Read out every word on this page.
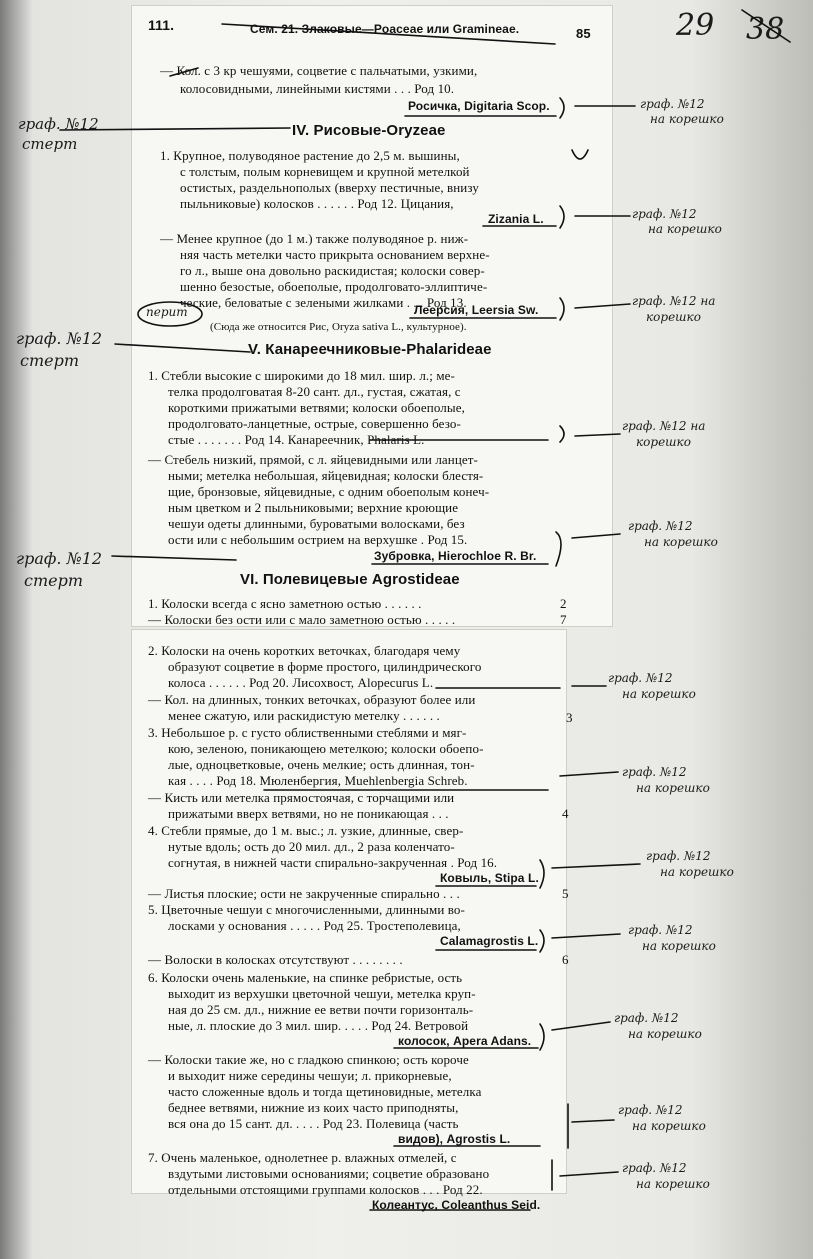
111.	Сем. 21. Злаковые—Poaceae или Gramineae.	85	29 38
— Кол. с 3 кр чешуями, соцветие с пальчатыми, узкими,
колосовидными, линейными кистями . . . Род 10.
Росичка, Digitaria Scop.
IV. Рисовые-Oryzeae
1. Крупное, полуводяное растение до 2,5 м. вышины,
с толстым, полым корневищем и крупной метелкой
остистых, раздельнополых (вверху пестичные, внизу
пыльниковые) колосков . . . . . . Род 12. Цицания,
Zizania L.
— Менее крупное (до 1 м.) также полуводяное р. ниж-
няя часть метелки часто прикрыта основанием верхне-
го л., выше она довольно раскидистая; колоски совер-
шенно безостые, обоеполые, продолговато-эллиптиче-
ческие, беловатые с зелеными жилками . . . Род 13.
Леерсия, Leersia Sw.
(Сюда же относится Рис, Oryza sativa L., культурное).
V. Канареечниковые-Phalarideae
1. Стебли высокие с широкими до 18 мил. шир. л.; ме-
телка продолговатая 8-20 сант. дл., густая, сжатая, с
короткими прижатыми ветвями; колоски обоеполые,
продолговато-ланцетные, острые, совершенно безо-
стые . . . . . . . Род 14. Канареечник, Phalaris L.
— Стебель низкий, прямой, с л. яйцевидными или ланцет-
ными; метелка небольшая, яйцевидная; колоски блестя-
щие, бронзовые, яйцевидные, с одним обоеполым конеч-
ным цветком и 2 пыльниковыми; верхние кроющие
чешуи одеты длинными, буроватыми волосками, без
ости или с небольшим острием на верхушке . Род 15.
Зубровка, Hierochloe R. Br.
VI. Полевицевые Agrostideae
1. Колоски всегда с ясно заметною остью . . . . . .	2
— Колоски без ости или с мало заметною остью . . . . .	7
2. Колоски на очень коротких веточках, благодаря чему
образуют соцветие в форме простого, цилиндрического
колоса . . . . . . Род 20. Лисохвост, Alopecurus L.
— Кол. на длинных, тонких веточках, образуют более или
менее сжатую, или раскидистую метелку . . . . . .	3
3. Небольшое р. с густо облиственными стеблями и мяг-
кою, зеленою, поникающею метелкою; колоски обоепо-
лые, одноцветковые, очень мелкие; ость длинная, тон-
кая . . . . Род 18. Мюленбергия, Muehlenbergia Schreb.
— Кисть или метелка прямостоячая, с торчащими или
прижатыми вверх ветвями, но не поникающая . . .	4
4. Стебли прямые, до 1 м. выс.; л. узкие, длинные, свер-
нутые вдоль; ость до 20 мил. дл., 2 раза коленчато-
согнутая, в нижней части спирально-закрученная . Род 16.
Ковыль, Stipa L.
— Листья плоские; ости не закрученные спирально . . .	5
5. Цветочные чешуи с многочисленными, длинными во-
лосками у основания . . . . . Род 25. Тростеполевица,
Calamagrostis L.
— Волоски в колосках отсутствуют . . . . . . . .	6
6. Колоски очень маленькие, на спинке ребристые, ость
выходит из верхушки цветочной чешуи, метелка круп-
ная до 25 см. дл., нижние ее ветви почти горизонталь-
ные, л. плоские до 3 мил. шир. . . . . Род 24. Ветровой
колосок, Apera Adans.
— Колоски такие же, но с гладкою спинкою; ость короче
и выходит ниже середины чешуи; л. прикорневые,
часто сложенные вдоль и тогда щетиновидные, метелка
беднее ветвями, нижние из коих часто приподняты,
вся она до 15 сант. дл. . . . . Род 23. Полевица (часть
видов), Agrostis L.
7. Очень маленькое, однолетнее р. влажных отмелей, с
вздутыми листовыми основаниями; соцветие образовано
отдельными отстоящими группами колосков . . . Род 22.
Колеантус, Coleanthus Seid.
граф. №12
стерт
граф. №12
стерт
граф. №12
стерт
перит
граф. №12
на корешко
граф. №12
на корешко
граф. №12 на
корешко
граф. №12 на
корешко
граф. №12
на корешко
граф. №12
на корешко
граф. №12
на корешко
граф. №12
на корешко
граф. №12
на корешко
граф. №12
на корешко
граф. №12
на корешко
граф. №12
на корешко
